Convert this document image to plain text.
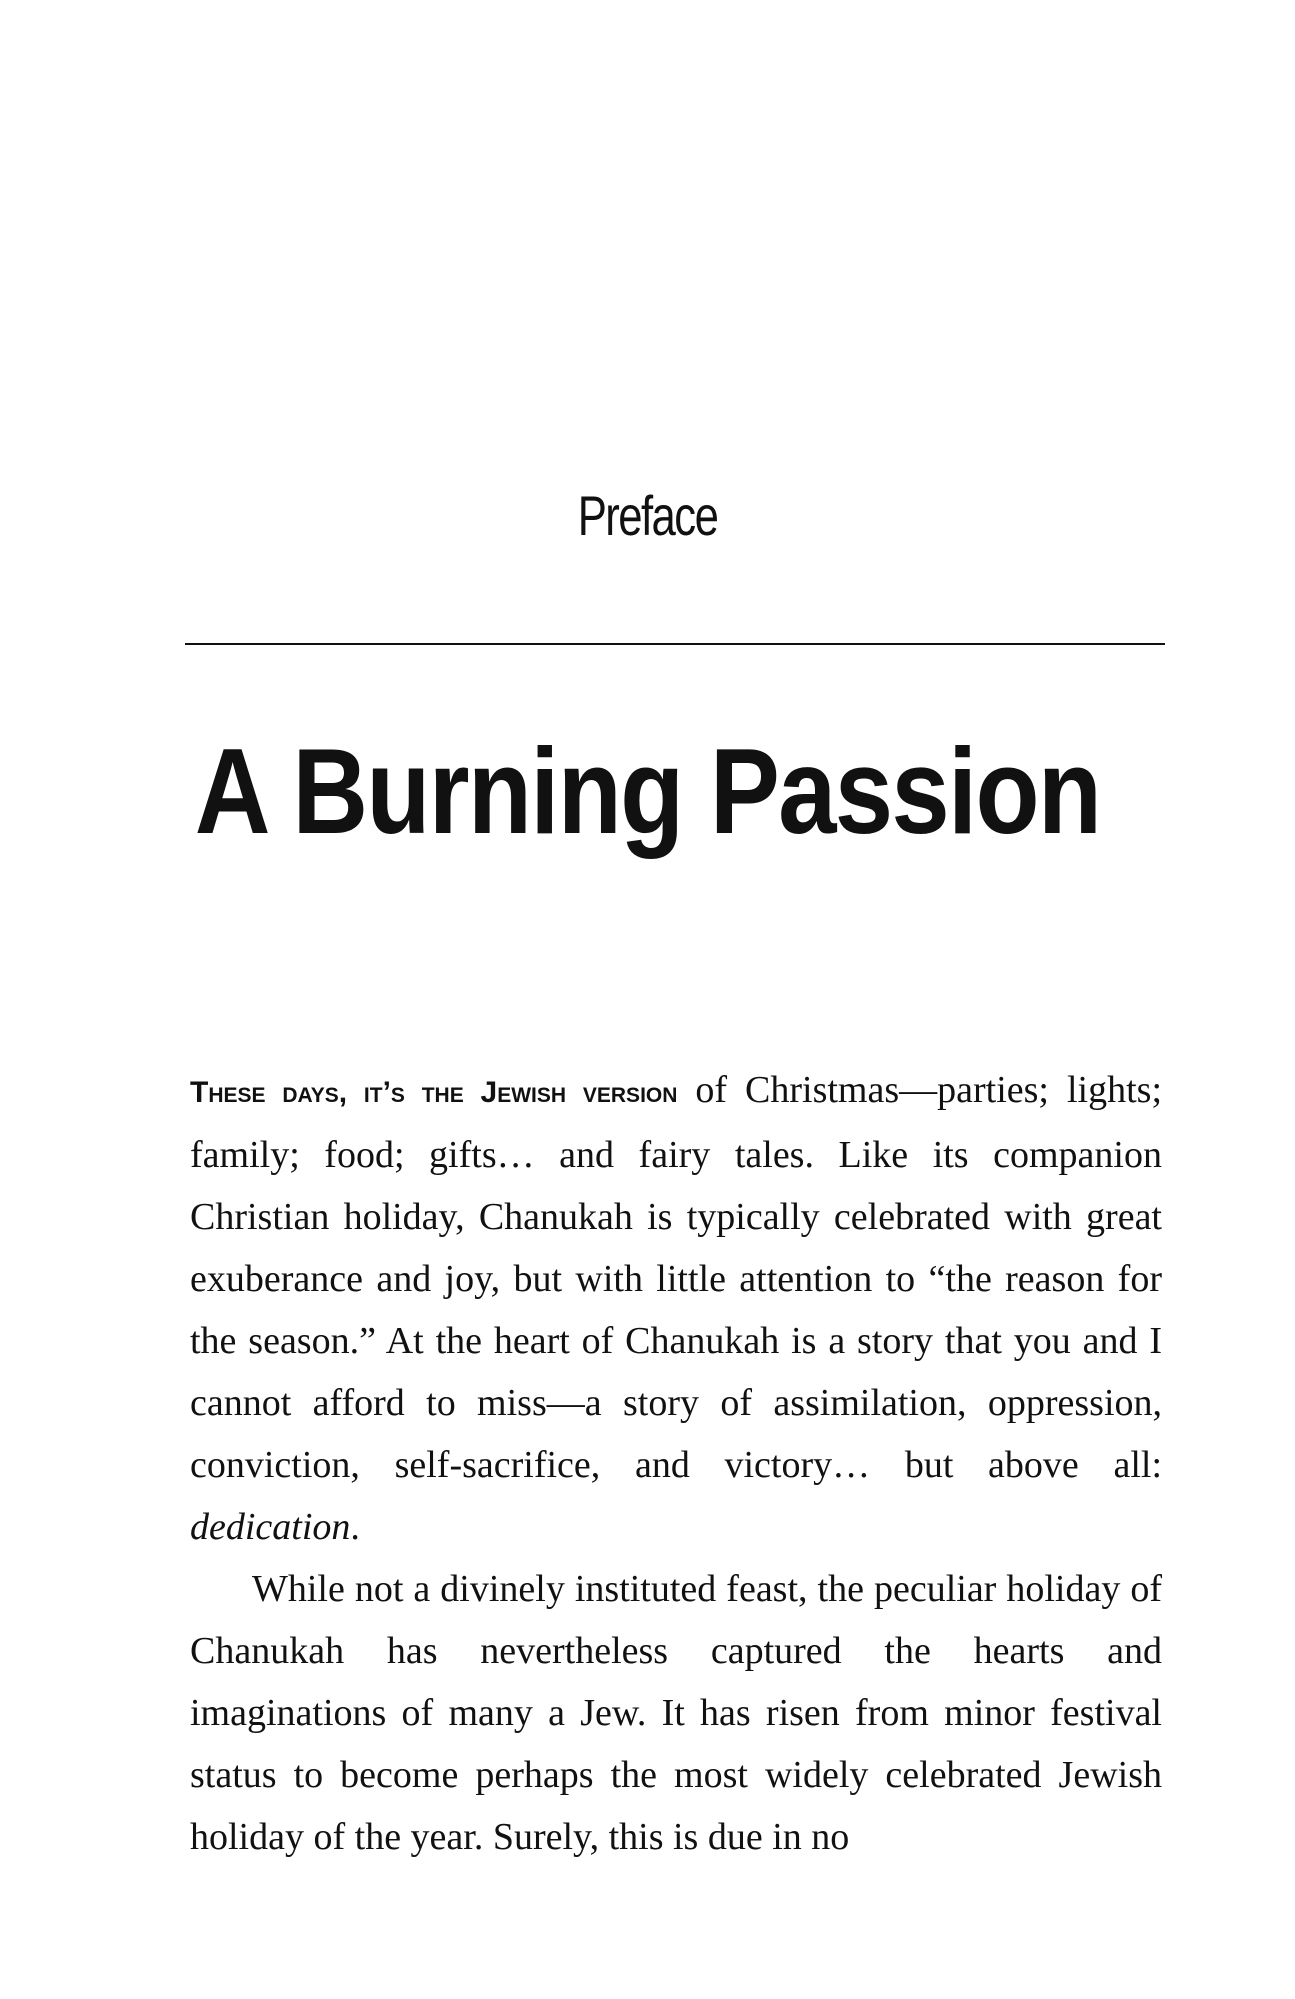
Preface
A Burning Passion

These days, it’s the Jewish version of Christmas—parties; lights; family; food; gifts… and fairy tales. Like its companion Christian holiday, Chanukah is typically celebrated with great exuberance and joy, but with little attention to “the reason for the season.” At the heart of Chanukah is a story that you and I cannot afford to miss—a story of assimilation, oppression, conviction, self-sacrifice, and victory… but above all: dedication.

While not a divinely instituted feast, the peculiar holiday of Chanukah has nevertheless captured the hearts and imaginations of many a Jew. It has risen from minor festival status to become perhaps the most widely celebrated Jewish holiday of the year. Surely, this is due in no
